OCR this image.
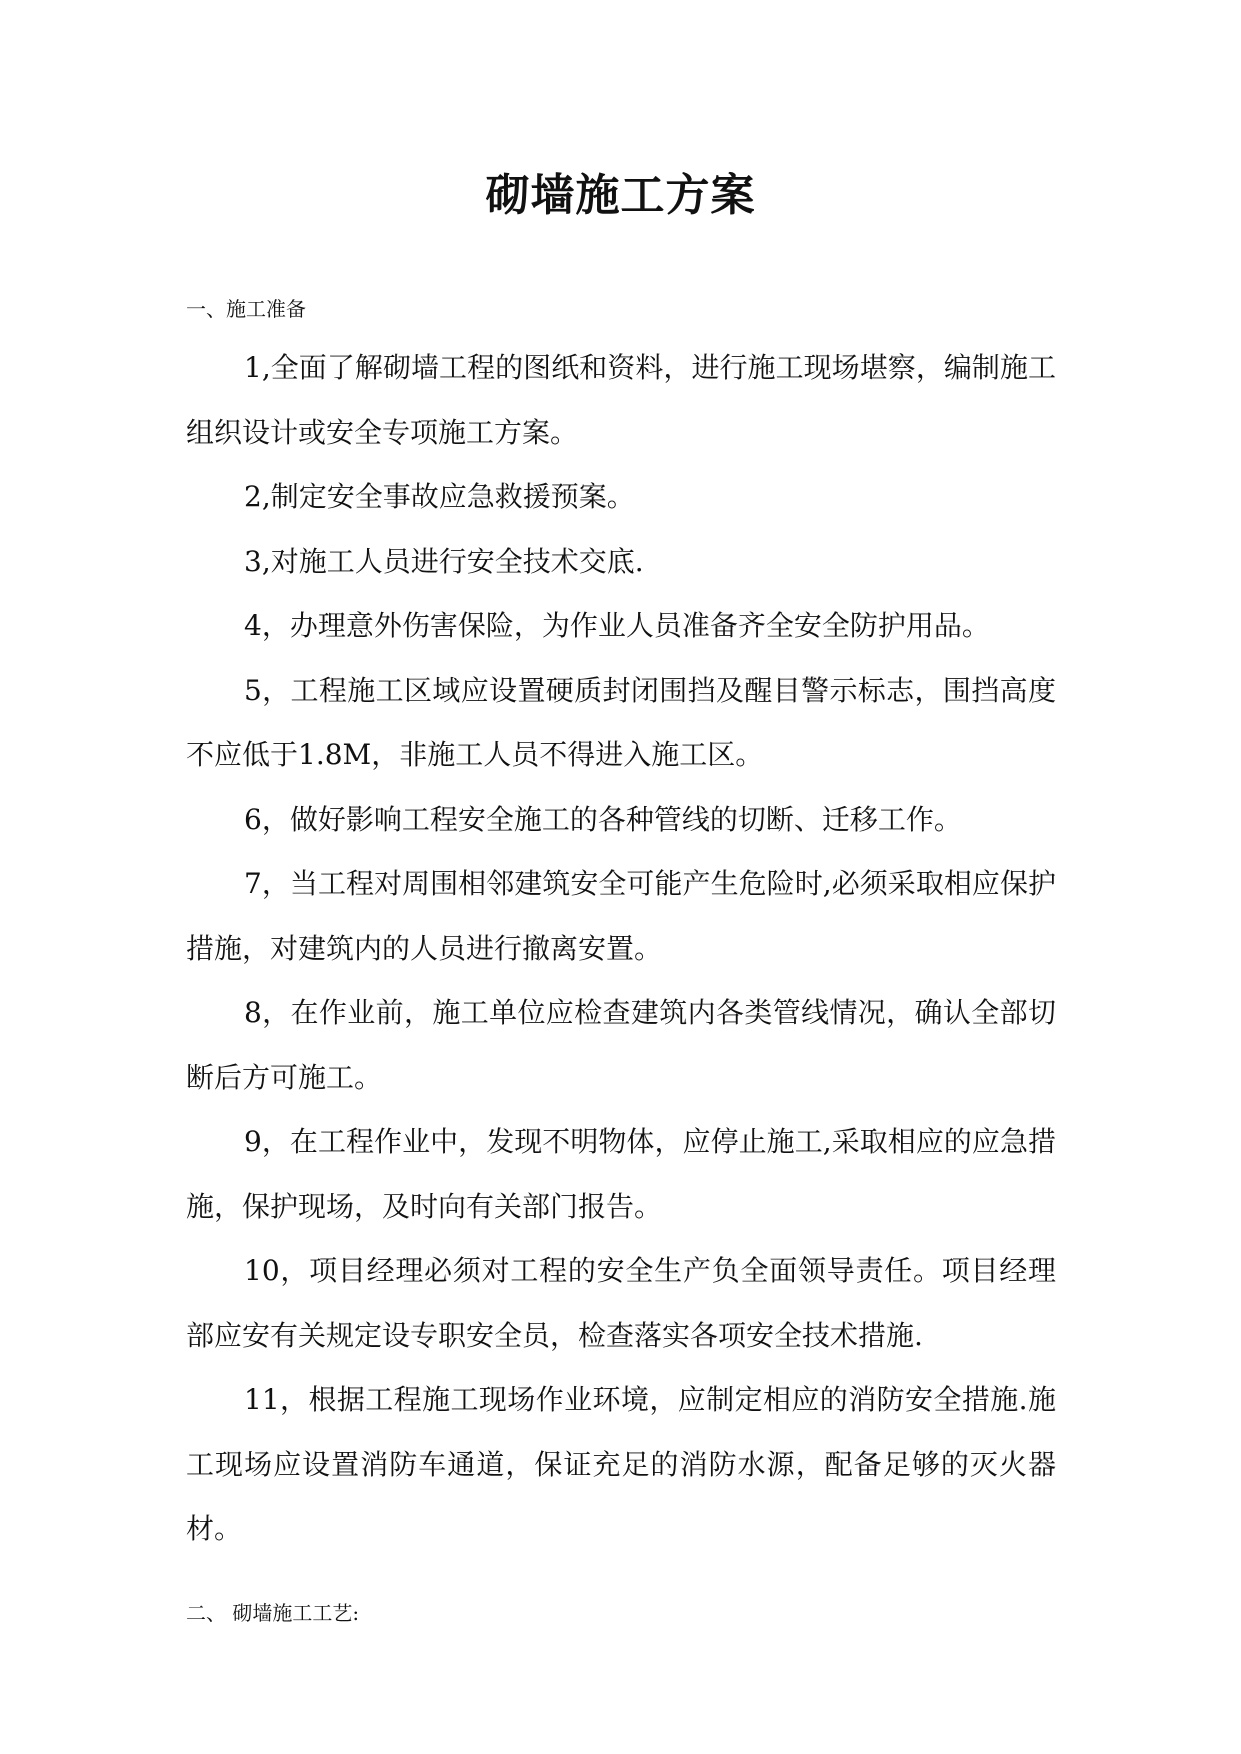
砌墙施工方案
一、施工准备

1,全面了解砌墙工程的图纸和资料，进行施工现场堪察，编制施工组织设计或安全专项施工方案。

2,制定安全事故应急救援预案。

3,对施工人员进行安全技术交底.

4，办理意外伤害保险，为作业人员准备齐全安全防护用品。

5，工程施工区域应设置硬质封闭围挡及醒目警示标志，围挡高度不应低于1.8M，非施工人员不得进入施工区。

6，做好影响工程安全施工的各种管线的切断、迁移工作。

7，当工程对周围相邻建筑安全可能产生危险时,必须采取相应保护措施，对建筑内的人员进行撤离安置。

8，在作业前，施工单位应检查建筑内各类管线情况，确认全部切断后方可施工。

9，在工程作业中，发现不明物体，应停止施工,采取相应的应急措施，保护现场，及时向有关部门报告。

10，项目经理必须对工程的安全生产负全面领导责任。项目经理部应安有关规定设专职安全员，检查落实各项安全技术措施.

11，根据工程施工现场作业环境，应制定相应的消防安全措施.施工现场应设置消防车通道，保证充足的消防水源，配备足够的灭火器材。

二、 砌墙施工工艺:
